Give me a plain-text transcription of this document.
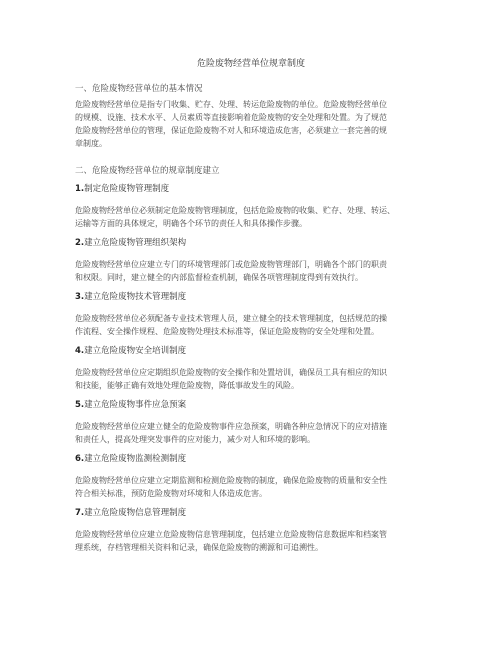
危险废物经营单位规章制度
一、危险废物经营单位的基本情况
危险废物经营单位是指专门收集、贮存、处理、转运危险废物的单位。危险废物经营单位
的规模、设施、技术水平、人员素质等直接影响着危险废物的安全处理和处置。为了规范
危险废物经营单位的管理，保证危险废物不对人和环境造成危害，必须建立一套完善的规
章制度。
二、危险废物经营单位的规章制度建立
1.制定危险废物管理制度
危险废物经营单位必须制定危险废物管理制度，包括危险废物的收集、贮存、处理、转运、
运输等方面的具体规定，明确各个环节的责任人和具体操作步骤。
2.建立危险废物管理组织架构
危险废物经营单位应建立专门的环境管理部门或危险废物管理部门，明确各个部门的职责
和权限。同时，建立健全的内部监督检查机制，确保各项管理制度得到有效执行。
3.建立危险废物技术管理制度
危险废物经营单位必须配备专业技术管理人员，建立健全的技术管理制度，包括规范的操
作流程、安全操作规程、危险废物处理技术标准等，保证危险废物的安全处理和处置。
4.建立危险废物安全培训制度
危险废物经营单位应定期组织危险废物的安全操作和处置培训，确保员工具有相应的知识
和技能，能够正确有效地处理危险废物，降低事故发生的风险。
5.建立危险废物事件应急预案
危险废物经营单位应建立健全的危险废物事件应急预案，明确各种应急情况下的应对措施
和责任人，提高处理突发事件的应对能力，减少对人和环境的影响。
6.建立危险废物监测检测制度
危险废物经营单位应建立定期监测和检测危险废物的制度，确保危险废物的质量和安全性
符合相关标准，预防危险废物对环境和人体造成危害。
7.建立危险废物信息管理制度
危险废物经营单位应建立危险废物信息管理制度，包括建立危险废物信息数据库和档案管
理系统，存档管理相关资料和记录，确保危险废物的溯源和可追溯性。
